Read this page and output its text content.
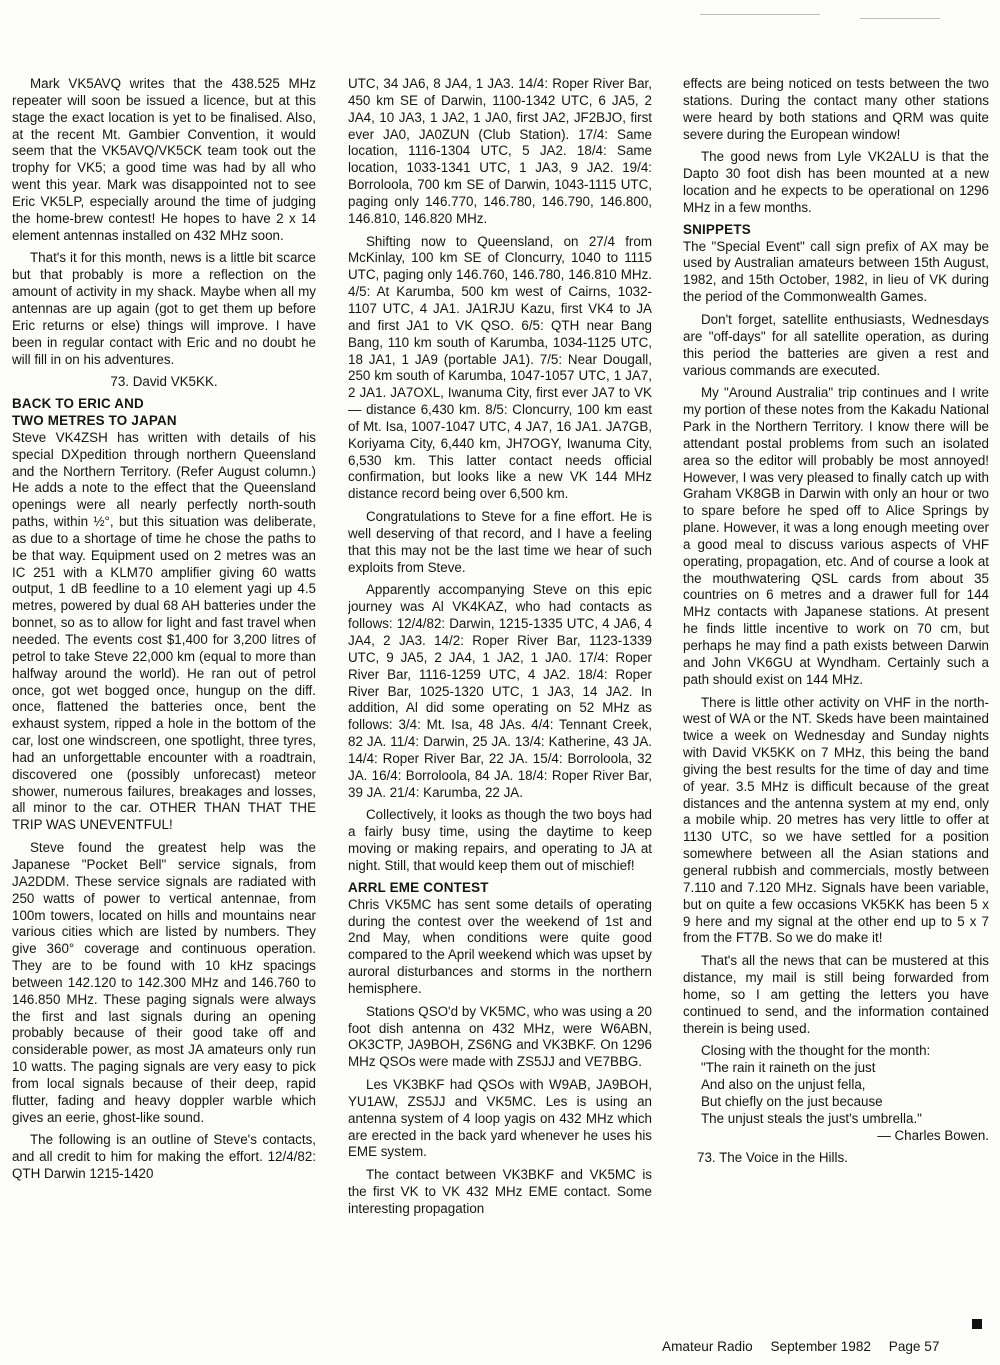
Mark VK5AVQ writes that the 438.525 MHz repeater will soon be issued a licence, but at this stage the exact location is yet to be finalised. Also, at the recent Mt. Gambier Convention, it would seem that the VK5AVQ/VK5CK team took out the trophy for VK5; a good time was had by all who went this year. Mark was disappointed not to see Eric VK5LP, especially around the time of judging the home-brew contest! He hopes to have 2 x 14 element antennas installed on 432 MHz soon.

That's it for this month, news is a little bit scarce but that probably is more a reflection on the amount of activity in my shack. Maybe when all my antennas are up again (got to get them up before Eric returns or else) things will improve. I have been in regular contact with Eric and no doubt he will fill in on his adventures.

73. David VK5KK.

BACK TO ERIC AND
TWO METRES TO JAPAN

Steve VK4ZSH has written with details of his special DXpedition through northern Queensland and the Northern Territory. (Refer August column.) He adds a note to the effect that the Queensland openings were all nearly perfectly north-south paths, within ½°, but this situation was deliberate, as due to a shortage of time he chose the paths to be that way. Equipment used on 2 metres was an IC 251 with a KLM70 amplifier giving 60 watts output, 1 dB feedline to a 10 element yagi up 4.5 metres, powered by dual 68 AH batteries under the bonnet, so as to allow for light and fast travel when needed. The events cost $1,400 for 3,200 litres of petrol to take Steve 22,000 km (equal to more than halfway around the world). He ran out of petrol once, got wet bogged once, hungup on the diff. once, flattened the batteries once, bent the exhaust system, ripped a hole in the bottom of the car, lost one windscreen, one spotlight, three tyres, had an unforgettable encounter with a roadtrain, discovered one (possibly unforecast) meteor shower, numerous failures, breakages and losses, all minor to the car. OTHER THAN THAT THE TRIP WAS UNEVENTFUL!

Steve found the greatest help was the Japanese "Pocket Bell" service signals, from JA2DDM. These service signals are radiated with 250 watts of power to vertical antennae, from 100m towers, located on hills and mountains near various cities which are listed by numbers. They give 360° coverage and continuous operation. They are to be found with 10 kHz spacings between 142.120 to 142.300 MHz and 146.760 to 146.850 MHz. These paging signals were always the first and last signals during an opening probably because of their good take off and considerable power, as most JA amateurs only run 10 watts. The paging signals are very easy to pick from local signals because of their deep, rapid flutter, fading and heavy doppler warble which gives an eerie, ghost-like sound.

The following is an outline of Steve's contacts, and all credit to him for making the effort. 12/4/82: QTH Darwin 1215-1420

UTC, 34 JA6, 8 JA4, 1 JA3. 14/4: Roper River Bar, 450 km SE of Darwin, 1100-1342 UTC, 6 JA5, 2 JA4, 10 JA3, 1 JA2, 1 JA0, first JA2, JF2BJO, first ever JA0, JA0ZUN (Club Station). 17/4: Same location, 1116-1304 UTC, 5 JA2. 18/4: Same location, 1033-1341 UTC, 1 JA3, 9 JA2. 19/4: Borroloola, 700 km SE of Darwin, 1043-1115 UTC, paging only 146.770, 146.780, 146.790, 146.800, 146.810, 146.820 MHz.

Shifting now to Queensland, on 27/4 from McKinlay, 100 km SE of Cloncurry, 1040 to 1115 UTC, paging only 146.760, 146.780, 146.810 MHz. 4/5: At Karumba, 500 km west of Cairns, 1032-1107 UTC, 4 JA1. JA1RJU Kazu, first VK4 to JA and first JA1 to VK QSO. 6/5: QTH near Bang Bang, 110 km south of Karumba, 1034-1125 UTC, 18 JA1, 1 JA9 (portable JA1). 7/5: Near Dougall, 250 km south of Karumba, 1047-1057 UTC, 1 JA7, 2 JA1. JA7OXL, Iwanuma City, first ever JA7 to VK — distance 6,430 km. 8/5: Cloncurry, 100 km east of Mt. Isa, 1007-1047 UTC, 4 JA7, 16 JA1. JA7GB, Koriyama City, 6,440 km, JH7OGY, Iwanuma City, 6,530 km. This latter contact needs official confirmation, but looks like a new VK 144 MHz distance record being over 6,500 km.

Congratulations to Steve for a fine effort. He is well deserving of that record, and I have a feeling that this may not be the last time we hear of such exploits from Steve.

Apparently accompanying Steve on this epic journey was Al VK4KAZ, who had contacts as follows: 12/4/82: Darwin, 1215-1335 UTC, 4 JA6, 4 JA4, 2 JA3. 14/2: Roper River Bar, 1123-1339 UTC, 9 JA5, 2 JA4, 1 JA2, 1 JA0. 17/4: Roper River Bar, 1116-1259 UTC, 4 JA2. 18/4: Roper River Bar, 1025-1320 UTC, 1 JA3, 14 JA2. In addition, Al did some operating on 52 MHz as follows: 3/4: Mt. Isa, 48 JAs. 4/4: Tennant Creek, 82 JA. 11/4: Darwin, 25 JA. 13/4: Katherine, 43 JA. 14/4: Roper River Bar, 22 JA. 15/4: Borroloola, 32 JA. 16/4: Borroloola, 84 JA. 18/4: Roper River Bar, 39 JA. 21/4: Karumba, 22 JA.

Collectively, it looks as though the two boys had a fairly busy time, using the daytime to keep moving or making repairs, and operating to JA at night. Still, that would keep them out of mischief!

ARRL EME CONTEST

Chris VK5MC has sent some details of operating during the contest over the weekend of 1st and 2nd May, when conditions were quite good compared to the April weekend which was upset by auroral disturbances and storms in the northern hemisphere.

Stations QSO'd by VK5MC, who was using a 20 foot dish antenna on 432 MHz, were W6ABN, OK3CTP, JA9BOH, ZS6NG and VK3BKF. On 1296 MHz QSOs were made with ZS5JJ and VE7BBG.

Les VK3BKF had QSOs with W9AB, JA9BOH, YU1AW, ZS5JJ and VK5MC. Les is using an antenna system of 4 loop yagis on 432 MHz which are erected in the back yard whenever he uses his EME system.

The contact between VK3BKF and VK5MC is the first VK to VK 432 MHz EME contact. Some interesting propagation

effects are being noticed on tests between the two stations. During the contact many other stations were heard by both stations and QRM was quite severe during the European window!

The good news from Lyle VK2ALU is that the Dapto 30 foot dish has been mounted at a new location and he expects to be operational on 1296 MHz in a few months.

SNIPPETS

The "Special Event" call sign prefix of AX may be used by Australian amateurs between 15th August, 1982, and 15th October, 1982, in lieu of VK during the period of the Commonwealth Games.

Don't forget, satellite enthusiasts, Wednesdays are "off-days" for all satellite operation, as during this period the batteries are given a rest and various commands are executed.

My "Around Australia" trip continues and I write my portion of these notes from the Kakadu National Park in the Northern Territory. I know there will be attendant postal problems from such an isolated area so the editor will probably be most annoyed! However, I was very pleased to finally catch up with Graham VK8GB in Darwin with only an hour or two to spare before he sped off to Alice Springs by plane. However, it was a long enough meeting over a good meal to discuss various aspects of VHF operating, propagation, etc. And of course a look at the mouthwatering QSL cards from about 35 countries on 6 metres and a drawer full for 144 MHz contacts with Japanese stations. At present he finds little incentive to work on 70 cm, but perhaps he may find a path exists between Darwin and John VK6GU at Wyndham. Certainly such a path should exist on 144 MHz.

There is little other activity on VHF in the north-west of WA or the NT. Skeds have been maintained twice a week on Wednesday and Sunday nights with David VK5KK on 7 MHz, this being the band giving the best results for the time of day and time of year. 3.5 MHz is difficult because of the great distances and the antenna system at my end, only a mobile whip. 20 metres has very little to offer at 1130 UTC, so we have settled for a position somewhere between all the Asian stations and general rubbish and commercials, mostly between 7.110 and 7.120 MHz. Signals have been variable, but on quite a few occasions VK5KK has been 5 x 9 here and my signal at the other end up to 5 x 7 from the FT7B. So we do make it!

That's all the news that can be mustered at this distance, my mail is still being forwarded from home, so I am getting the letters you have continued to send, and the information contained therein is being used.

Closing with the thought for the month:

"The rain it raineth on the just
And also on the unjust fella,
But chiefly on the just because
The unjust steals the just's umbrella."

— Charles Bowen.

73. The Voice in the Hills.

Amateur Radio September 1982 Page 57
